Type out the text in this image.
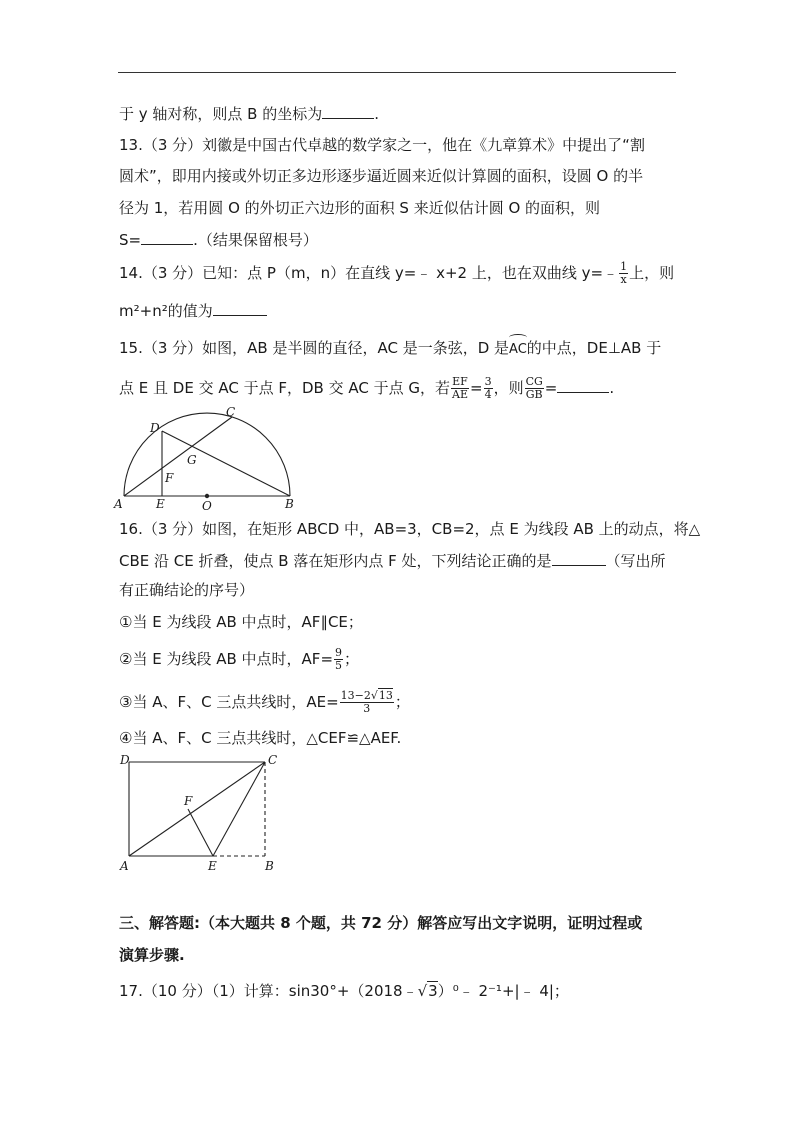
于 y 轴对称，则点 B 的坐标为	.
13.（3 分）刘徽是中国古代卓越的数学家之一，他在《九章算术》中提出了“割
圆术”，即用内接或外切正多边形逐步逼近圆来近似计算圆的面积，设圆 O 的半
径为 1，若用圆 O 的外切正六边形的面积 S 来近似估计圆 O 的面积，则
S=	.（结果保留根号）
14.（3 分）已知：点 P（m，n）在直线 y=﹣ x+2 上，也在双曲线 y=﹣ $\frac{1}{x}$ 上，则
m²+n²的值为
15.（3 分）如图，AB 是半圆的直径，AC 是一条弦，D 是
AC的中点，DE⊥AB 于
点 E 且 DE 交 AC 于点 F，DB 交 AC 于点 G，若 $\frac{EF}{AE} = \frac{3}{4}$ ，则 $\frac{CG}{GB}$ =	.
A	E	O	B
D
C
F
G
16.（3 分）如图，在矩形 ABCD 中，AB=3，CB=2，点 E 为线段 AB 上的动点，将△
CBE 沿 CE 折叠，使点 B 落在矩形内点 F 处，下列结论正确的是	（写出所
有正确结论的序号）
①当 E 为线段 AB 中点时，AF∥CE；
②当 E 为线段 AB 中点时，$AF= \frac{9}{5}$ ；
③当 A、F、C 三点共线时，$AE= \frac{13-2√13}{3}$ ；
④当 A、F、C 三点共线时，△CEF≌△AEF.
D	C
A	E	B
F
三、解答题:（本大题共 8 个题，共 72 分）解答应写出文字说明，证明过程或
演算步骤.
17.（10 分）（1）计算：sin30°+（2018﹣√3）⁰﹣ 2⁻¹+|﹣ 4|；
